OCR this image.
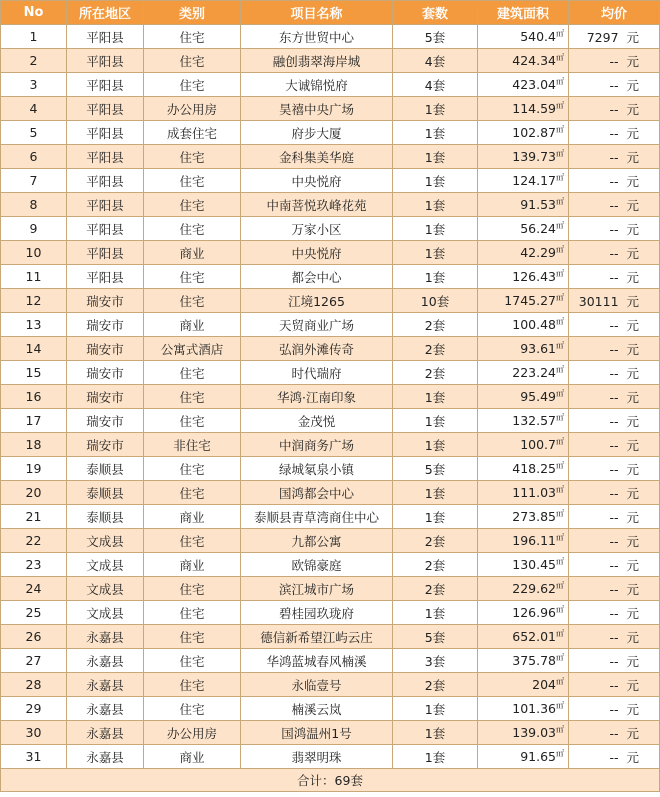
No	所在地区	类别	项目名称	套数	建筑面积	均价
1	平阳县	住宅	东方世贸中心	5套	540.4㎡	7297 元
2	平阳县	住宅	融创翡翠海岸城	4套	424.34㎡	-- 元
3	平阳县	住宅	大诚锦悦府	4套	423.04㎡	-- 元
4	平阳县	办公用房	昊禧中央广场	1套	114.59㎡	-- 元
5	平阳县	成套住宅	府步大厦	1套	102.87㎡	-- 元
6	平阳县	住宅	金科集美华庭	1套	139.73㎡	-- 元
7	平阳县	住宅	中央悦府	1套	124.17㎡	-- 元
8	平阳县	住宅	中南菩悦玖峰花苑	1套	91.53㎡	-- 元
9	平阳县	住宅	万家小区	1套	56.24㎡	-- 元
10	平阳县	商业	中央悦府	1套	42.29㎡	-- 元
11	平阳县	住宅	都会中心	1套	126.43㎡	-- 元
12	瑞安市	住宅	江境1265	10套	1745.27㎡	30111 元
13	瑞安市	商业	天贸商业广场	2套	100.48㎡	-- 元
14	瑞安市	公寓式酒店	弘润外滩传奇	2套	93.61㎡	-- 元
15	瑞安市	住宅	时代瑞府	2套	223.24㎡	-- 元
16	瑞安市	住宅	华鸿·江南印象	1套	95.49㎡	-- 元
17	瑞安市	住宅	金茂悦	1套	132.57㎡	-- 元
18	瑞安市	非住宅	中润商务广场	1套	100.7㎡	-- 元
19	泰顺县	住宅	绿城氡泉小镇	5套	418.25㎡	-- 元
20	泰顺县	住宅	国鸿都会中心	1套	111.03㎡	-- 元
21	泰顺县	商业	泰顺县青草湾商住中心	1套	273.85㎡	-- 元
22	文成县	住宅	九都公寓	2套	196.11㎡	-- 元
23	文成县	商业	欧锦豪庭	2套	130.45㎡	-- 元
24	文成县	住宅	滨江城市广场	2套	229.62㎡	-- 元
25	文成县	住宅	碧桂园玖珑府	1套	126.96㎡	-- 元
26	永嘉县	住宅	德信新希望江屿云庄	5套	652.01㎡	-- 元
27	永嘉县	住宅	华鸿蓝城春风楠溪	3套	375.78㎡	-- 元
28	永嘉县	住宅	永临壹号	2套	204㎡	-- 元
29	永嘉县	住宅	楠溪云岚	1套	101.36㎡	-- 元
30	永嘉县	办公用房	国鸿温州1号	1套	139.03㎡	-- 元
31	永嘉县	商业	翡翠明珠	1套	91.65㎡	-- 元
合计：69套						
